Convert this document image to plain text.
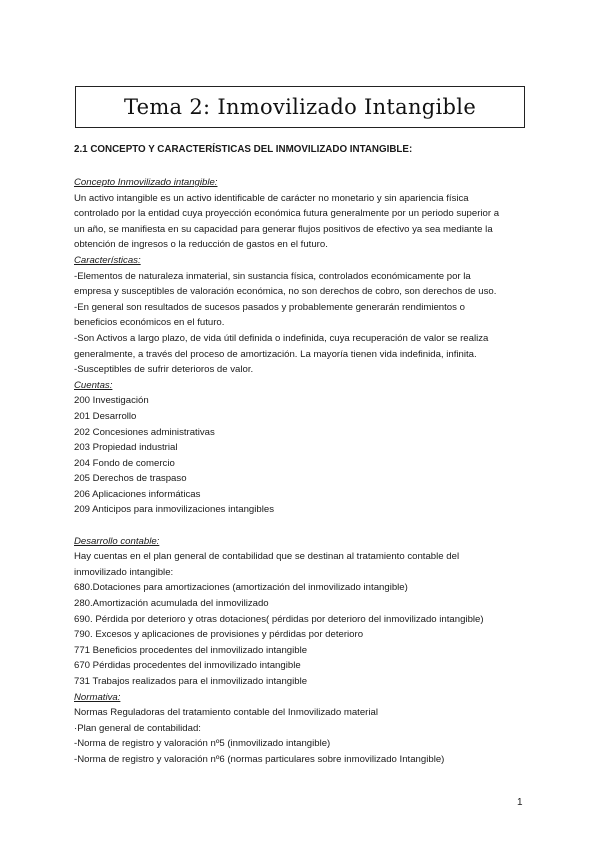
Tema 2: Inmovilizado Intangible
2.1 CONCEPTO Y CARACTERÍSTICAS DEL INMOVILIZADO INTANGIBLE:
Concepto Inmovilizado intangible:
Un activo intangible es un activo identificable de carácter no monetario y sin apariencia física
controlado por la entidad cuya proyección económica futura generalmente por un periodo superior a
un año, se manifiesta en su capacidad para generar flujos positivos de efectivo ya sea mediante la
obtención de ingresos o la reducción de gastos en el futuro.
Características:
-Elementos de naturaleza inmaterial, sin sustancia física, controlados económicamente por la
empresa y susceptibles de valoración económica, no son derechos de cobro, son derechos de uso.
-En general son resultados de sucesos pasados y probablemente generarán rendimientos o
beneficios económicos en el futuro.
-Son Activos a largo plazo, de vida útil definida o indefinida, cuya recuperación de valor se realiza
generalmente, a través del proceso de amortización. La mayoría tienen vida indefinida, infinita.
-Susceptibles de sufrir deterioros de valor.
Cuentas:
200 Investigación
201 Desarrollo
202 Concesiones administrativas
203 Propiedad industrial
204 Fondo de comercio
205 Derechos de traspaso
206 Aplicaciones informáticas
209 Anticipos para inmovilizaciones intangibles
Desarrollo contable:
Hay cuentas en el plan general de contabilidad que se destinan al tratamiento contable del
inmovilizado intangible:
680.Dotaciones para amortizaciones (amortización del inmovilizado intangible)
280.Amortización acumulada del inmovilizado
690. Pérdida por deterioro y otras dotaciones( pérdidas por deterioro del inmovilizado intangible)
790. Excesos y aplicaciones de provisiones y pérdidas por deterioro
771 Beneficios procedentes del inmovilizado intangible
670 Pérdidas procedentes del inmovilizado intangible
731 Trabajos realizados para el inmovilizado intangible
Normativa:
Normas Reguladoras del tratamiento contable del Inmovilizado material
·Plan general de contabilidad:
-Norma de registro y valoración nº5 (inmovilizado intangible)
-Norma de registro y valoración nº6 (normas particulares sobre inmovilizado Intangible)
1
